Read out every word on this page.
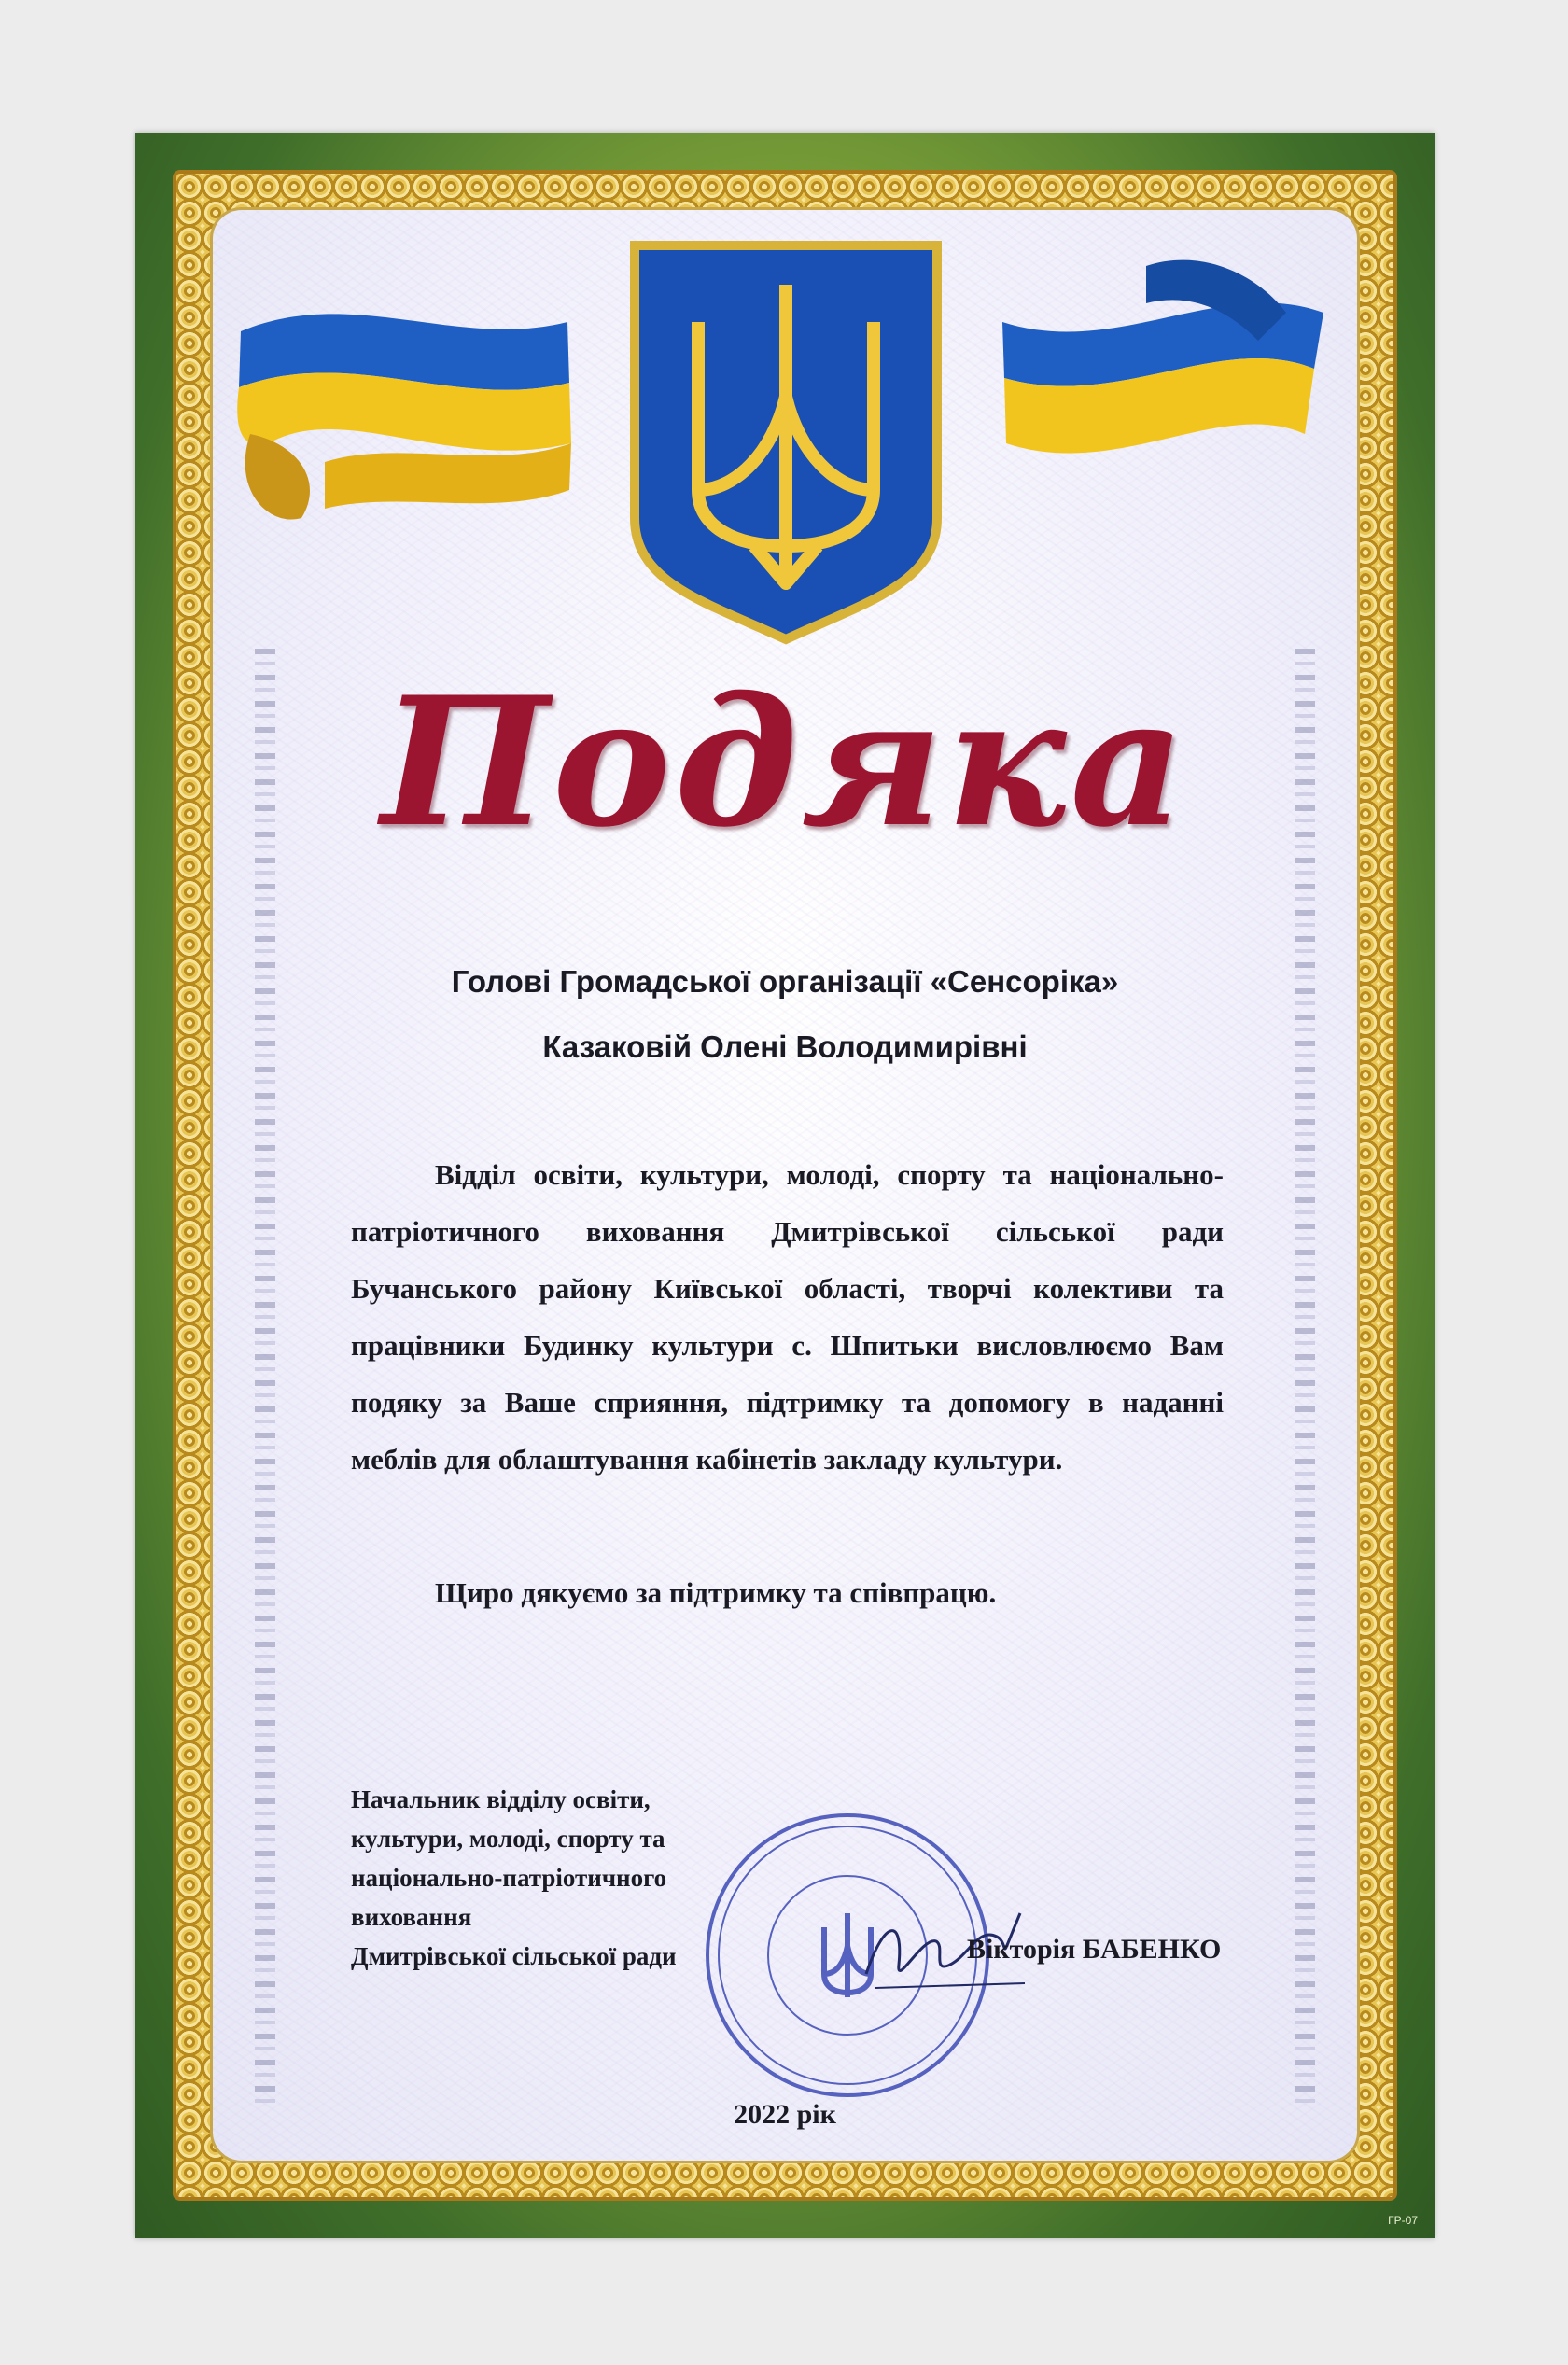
Подяка
Голові Громадської організації «Сенсоріка»
Казаковій Олені Володимирівні
Відділ освіти, культури, молоді, спорту та національно-патріотичного виховання Дмитрівської сільської ради Бучанського району Київської області, творчі колективи та працівники Будинку культури с. Шпитьки висловлюємо Вам подяку за Ваше сприяння, підтримку та допомогу в наданні меблів для облаштування кабінетів закладу культури.
Щиро дякуємо за підтримку та співпрацю.
Начальник відділу освіти,
культури, молоді, спорту та
національно-патріотичного
виховання
Дмитрівської сільської ради	Вікторія БАБЕНКО
2022 рік
ГР-07
